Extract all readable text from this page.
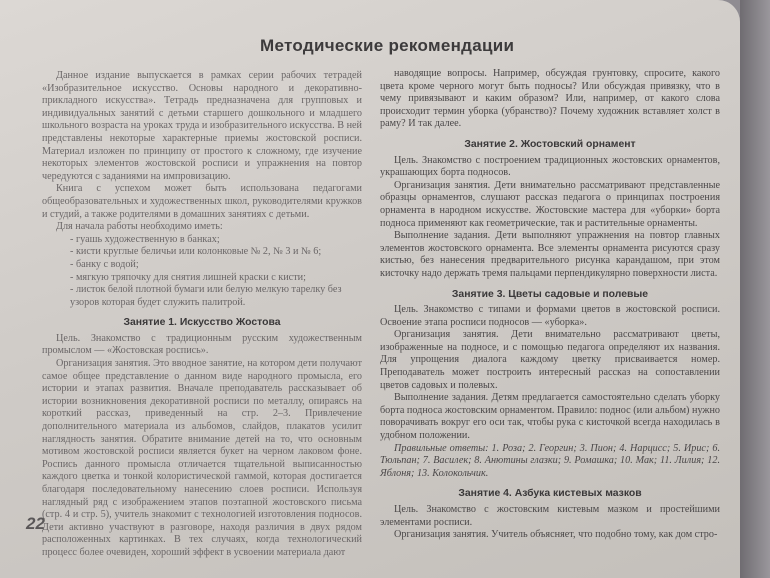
Методические рекомендации

Данное издание выпускается в рамках серии рабочих тетрадей «Изобразительное искусство. Основы народного и декоративно-прикладного искусства». Тетрадь предназначена для групповых и индивидуальных занятий с детьми старшего дошкольного и младшего школьного возраста на уроках труда и изобразительного искусства. В ней представлены некоторые характерные приемы жостовской росписи. Материал изложен по принципу от простого к сложному, где изучение некоторых элементов жостовской росписи и упражнения на повтор чередуются с заданиями на импровизацию.

Книга с успехом может быть использована педагогами общеобразовательных и художественных школ, руководителями кружков и студий, а также родителями в домашних занятиях с детьми.

Для начала работы необходимо иметь:

- гуашь художественную в банках;
- кисти круглые беличьи или колонковые № 2, № 3 и № 6;
- банку с водой;
- мягкую тряпочку для снятия лишней краски с кисти;
- листок белой плотной бумаги или белую мелкую тарелку без узоров которая будет служить палитрой.
Занятие 1. Искусство Жостова

Цель. Знакомство с традиционным русским художественным промыслом — «Жостовская роспись».

Организация занятия. Это вводное занятие, на котором дети получают самое общее представление о данном виде народного промысла, его истории и этапах развития. Вначале преподаватель рассказывает об истории возникновения декоративной росписи по металлу, опираясь на короткий рассказ, приведенный на стр. 2–3. Привлечение дополнительного материала из альбомов, слайдов, плакатов усилит наглядность занятия. Обратите внимание детей на то, что основным мотивом жостовской росписи является букет на черном лаковом фоне. Роспись данного промысла отличается тщательной выписанностью каждого цветка и тонкой колористической гаммой, которая достигается благодаря последовательному нанесению слоев росписи. Используя наглядный ряд с изображением этапов поэтапной жостовского письма (стр. 4 и стр. 5), учитель знакомит с технологией изготовления подносов. Дети активно участвуют в разговоре, находя различия в двух рядом расположенных картинках. В тех случаях, когда технологический процесс более очевиден, хороший эффект в усвоении материала дают

наводящие вопросы. Например, обсуждая грунтовку, спросите, какого цвета кроме черного могут быть подносы? Или обсуждая привязку, что в чему привязывают и каким образом? Или, например, от какого слова происходит термин уборка (убранство)? Почему художник вставляет холст в раму? И так далее.

Занятие 2. Жостовский орнамент

Цель. Знакомство с построением традиционных жостовских орнаментов, украшающих борта подносов.

Организация занятия. Дети внимательно рассматривают представленные образцы орнаментов, слушают рассказ педагога о принципах построения орнамента в народном искусстве. Жостовские мастера для «уборки» борта подноса применяют как геометрические, так и растительные орнаменты.

Выполнение задания. Дети выполняют упражнения на повтор главных элементов жостовского орнамента. Все элементы орнамента рисуются сразу кистью, без нанесения предварительного рисунка карандашом, при этом кисточку надо держать тремя пальцами перпендикулярно поверхности листа.

Занятие 3. Цветы садовые и полевые

Цель. Знакомство с типами и формами цветов в жостовской росписи. Освоение этапа росписи подносов — «уборка».

Организация занятия. Дети внимательно рассматривают цветы, изображенные на подносе, и с помощью педагога определяют их названия. Для упрощения диалога каждому цветку присваивается номер. Преподаватель может построить интересный рассказ на сопоставлении цветов садовых и полевых.

Выполнение задания. Детям предлагается самостоятельно сделать уборку борта подноса жостовским орнаментом. Правило: поднос (или альбом) нужно поворачивать вокруг его оси так, чтобы рука с кисточкой всегда находилась в удобном положении.

Правильные ответы: 1. Роза; 2. Георгин; 3. Пион; 4. Нарцисс; 5. Ирис; 6. Тюльпан; 7. Василек; 8. Анютины глазки; 9. Ромашка; 10. Мак; 11. Лилия; 12. Яблоня; 13. Колокольчик.

Занятие 4. Азбука кистевых мазков

Цель. Знакомство с жостовским кистевым мазком и простейшими элементами росписи.

Организация занятия. Учитель объясняет, что подобно тому, как дом стро-

22
